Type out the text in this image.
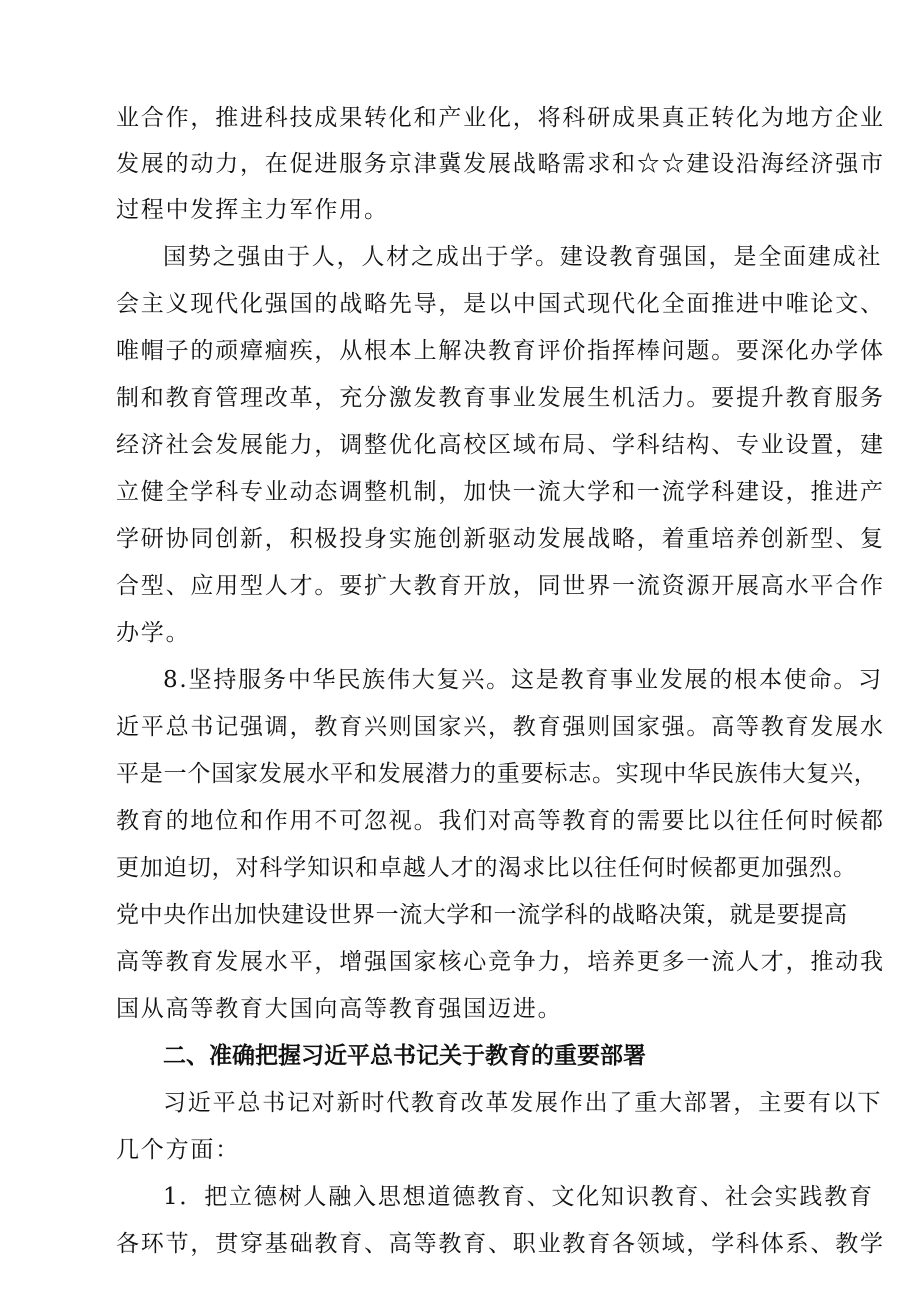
业合作，推进科技成果转化和产业化，将科研成果真正转化为地方企业
发展的动力，在促进服务京津冀发展战略需求和☆☆建设沿海经济强市
过程中发挥主力军作用。
国势之强由于人，人材之成出于学。建设教育强国，是全面建成社
会主义现代化强国的战略先导，是以中国式现代化全面推进中唯论文、
唯帽子的顽瘴痼疾，从根本上解决教育评价指挥棒问题。要深化办学体
制和教育管理改革，充分激发教育事业发展生机活力。要提升教育服务
经济社会发展能力，调整优化高校区域布局、学科结构、专业设置，建
立健全学科专业动态调整机制，加快一流大学和一流学科建设，推进产
学研协同创新，积极投身实施创新驱动发展战略，着重培养创新型、复
合型、应用型人才。要扩大教育开放，同世界一流资源开展高水平合作
办学。
8.坚持服务中华民族伟大复兴。这是教育事业发展的根本使命。习
近平总书记强调，教育兴则国家兴，教育强则国家强。高等教育发展水
平是一个国家发展水平和发展潜力的重要标志。实现中华民族伟大复兴，
教育的地位和作用不可忽视。我们对高等教育的需要比以往任何时候都
更加迫切，对科学知识和卓越人才的渴求比以往任何时候都更加强烈。
党中央作出加快建设世界一流大学和一流学科的战略决策，就是要提高
高等教育发展水平，增强国家核心竞争力，培养更多一流人才，推动我
国从高等教育大国向高等教育强国迈进。
二、准确把握习近平总书记关于教育的重要部署
习近平总书记对新时代教育改革发展作出了重大部署，主要有以下
几个方面：
1．把立德树人融入思想道德教育、文化知识教育、社会实践教育
各环节，贯穿基础教育、高等教育、职业教育各领域，学科体系、教学
